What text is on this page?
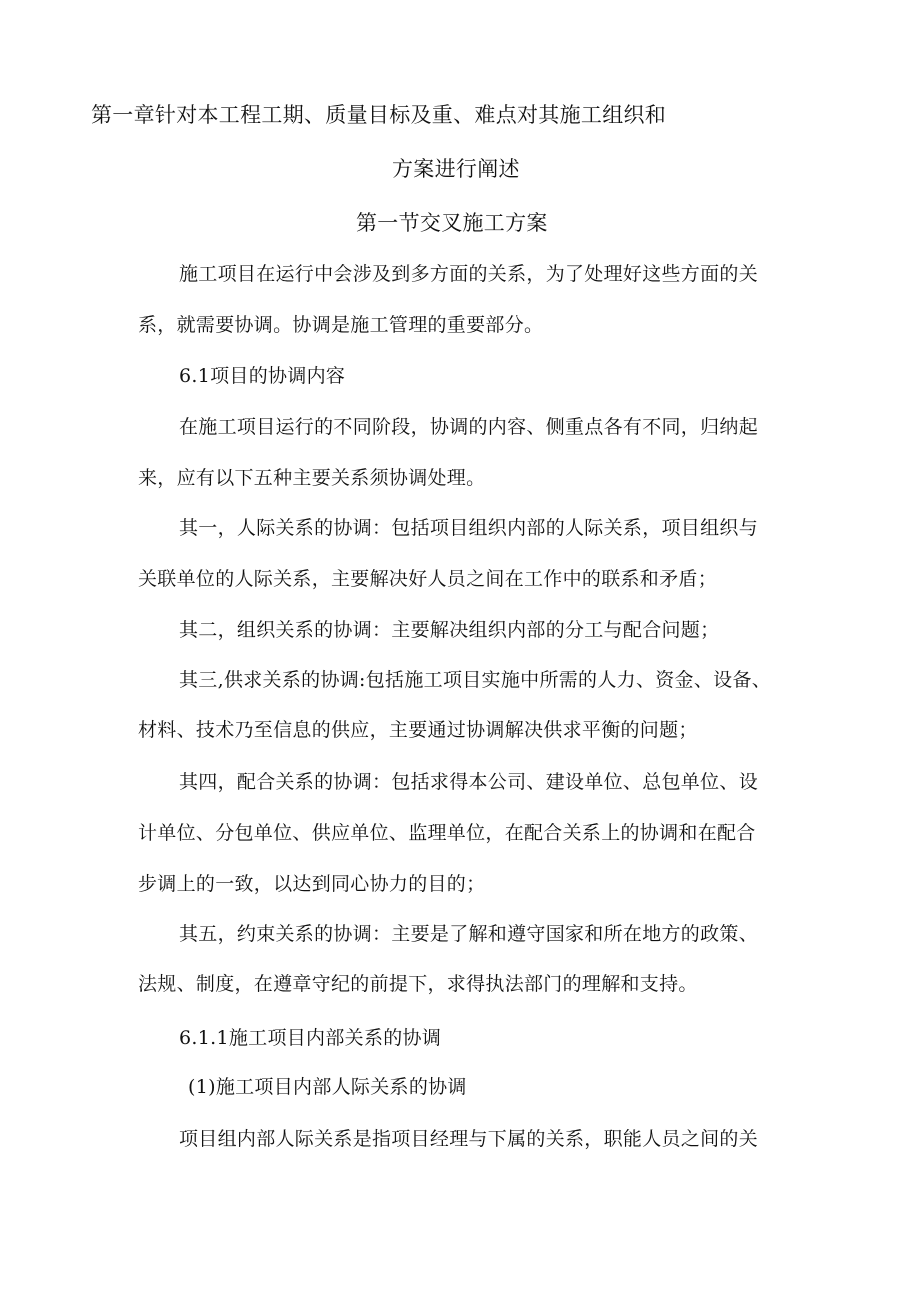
第一章针对本工程工期、质量目标及重、难点对其施工组织和
方案进行阐述
第一节交叉施工方案
施工项目在运行中会涉及到多方面的关系，为了处理好这些方面的关
系，就需要协调。协调是施工管理的重要部分。
6.1项目的协调内容
在施工项目运行的不同阶段，协调的内容、侧重点各有不同，归纳起
来，应有以下五种主要关系须协调处理。
其一，人际关系的协调：包括项目组织内部的人际关系，项目组织与
关联单位的人际关系，主要解决好人员之间在工作中的联系和矛盾；
其二，组织关系的协调：主要解决组织内部的分工与配合问题；
其三,供求关系的协调:包括施工项目实施中所需的人力、资金、设备、
材料、技术乃至信息的供应，主要通过协调解决供求平衡的问题；
其四，配合关系的协调：包括求得本公司、建设单位、总包单位、设
计单位、分包单位、供应单位、监理单位，在配合关系上的协调和在配合
步调上的一致，以达到同心协力的目的；
其五，约束关系的协调：主要是了解和遵守国家和所在地方的政策、
法规、制度，在遵章守纪的前提下，求得执法部门的理解和支持。
6.1.1施工项目内部关系的协调
(1)施工项目内部人际关系的协调
项目组内部人际关系是指项目经理与下属的关系，职能人员之间的关
